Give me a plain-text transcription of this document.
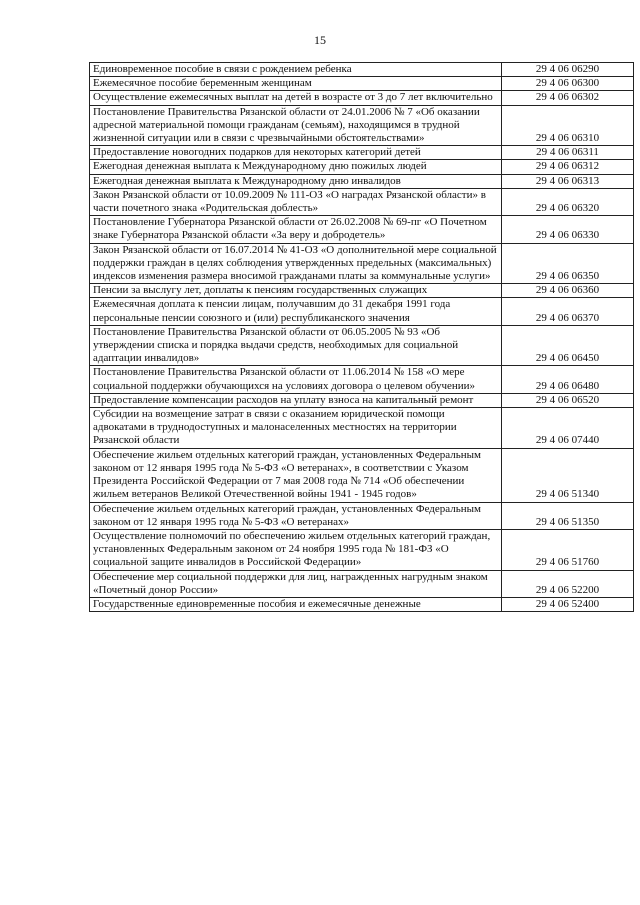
15
Единовременное пособие в связи с рождением ребенка	29 4 06 06290
Ежемесячное пособие беременным женщинам	29 4 06 06300
Осуществление ежемесячных выплат на детей в возрасте от 3 до 7 лет включительно	29 4 06 06302
Постановление Правительства Рязанской области от 24.01.2006 № 7 «Об оказании адресной материальной помощи гражданам (семьям), находящимся в трудной жизненной ситуации или в связи с чрезвычайными обстоятельствами»	29 4 06 06310
Предоставление новогодних подарков для некоторых категорий детей	29 4 06 06311
Ежегодная денежная выплата к Международному дню пожилых людей	29 4 06 06312
Ежегодная денежная выплата к Международному дню инвалидов	29 4 06 06313
Закон Рязанской области от 10.09.2009 № 111-ОЗ «О наградах Рязанской области» в части почетного знака «Родительская доблесть»	29 4 06 06320
Постановление Губернатора Рязанской области от 26.02.2008 № 69-пг «О Почетном знаке Губернатора Рязанской области «За веру и добродетель»	29 4 06 06330
Закон Рязанской области от 16.07.2014 № 41-ОЗ «О дополнительной мере социальной поддержки граждан в целях соблюдения утвержденных предельных (максимальных) индексов изменения размера вносимой гражданами платы за коммунальные услуги»	29 4 06 06350
Пенсии за выслугу лет, доплаты к пенсиям государственных служащих	29 4 06 06360
Ежемесячная доплата к пенсии лицам, получавшим до 31 декабря 1991 года персональные пенсии союзного и (или) республиканского значения	29 4 06 06370
Постановление Правительства Рязанской области от 06.05.2005 № 93 «Об утверждении списка и порядка выдачи средств, необходимых для социальной адаптации инвалидов»	29 4 06 06450
Постановление Правительства Рязанской области от 11.06.2014 № 158 «О мере социальной поддержки обучающихся на условиях договора о целевом обучении»	29 4 06 06480
Предоставление компенсации расходов на уплату взноса на капитальный ремонт	29 4 06 06520
Субсидии на возмещение затрат в связи с оказанием юридической помощи адвокатами в труднодоступных и малонаселенных местностях на территории Рязанской области	29 4 06 07440
Обеспечение жильем отдельных категорий граждан, установленных Федеральным законом от 12 января 1995 года № 5-ФЗ «О ветеранах», в соответствии с Указом Президента Российской Федерации от 7 мая 2008 года № 714 «Об обеспечении жильем ветеранов Великой Отечественной войны 1941 - 1945 годов»	29 4 06 51340
Обеспечение жильем отдельных категорий граждан, установленных Федеральным законом от 12 января 1995 года № 5-ФЗ «О ветеранах»	29 4 06 51350
Осуществление полномочий по обеспечению жильем отдельных категорий граждан, установленных Федеральным законом от 24 ноября 1995 года № 181-ФЗ «О социальной защите инвалидов в Российской Федерации»	29 4 06 51760
Обеспечение мер социальной поддержки для лиц, награжденных нагрудным знаком «Почетный донор России»	29 4 06 52200
Государственные единовременные пособия и ежемесячные денежные	29 4 06 52400
